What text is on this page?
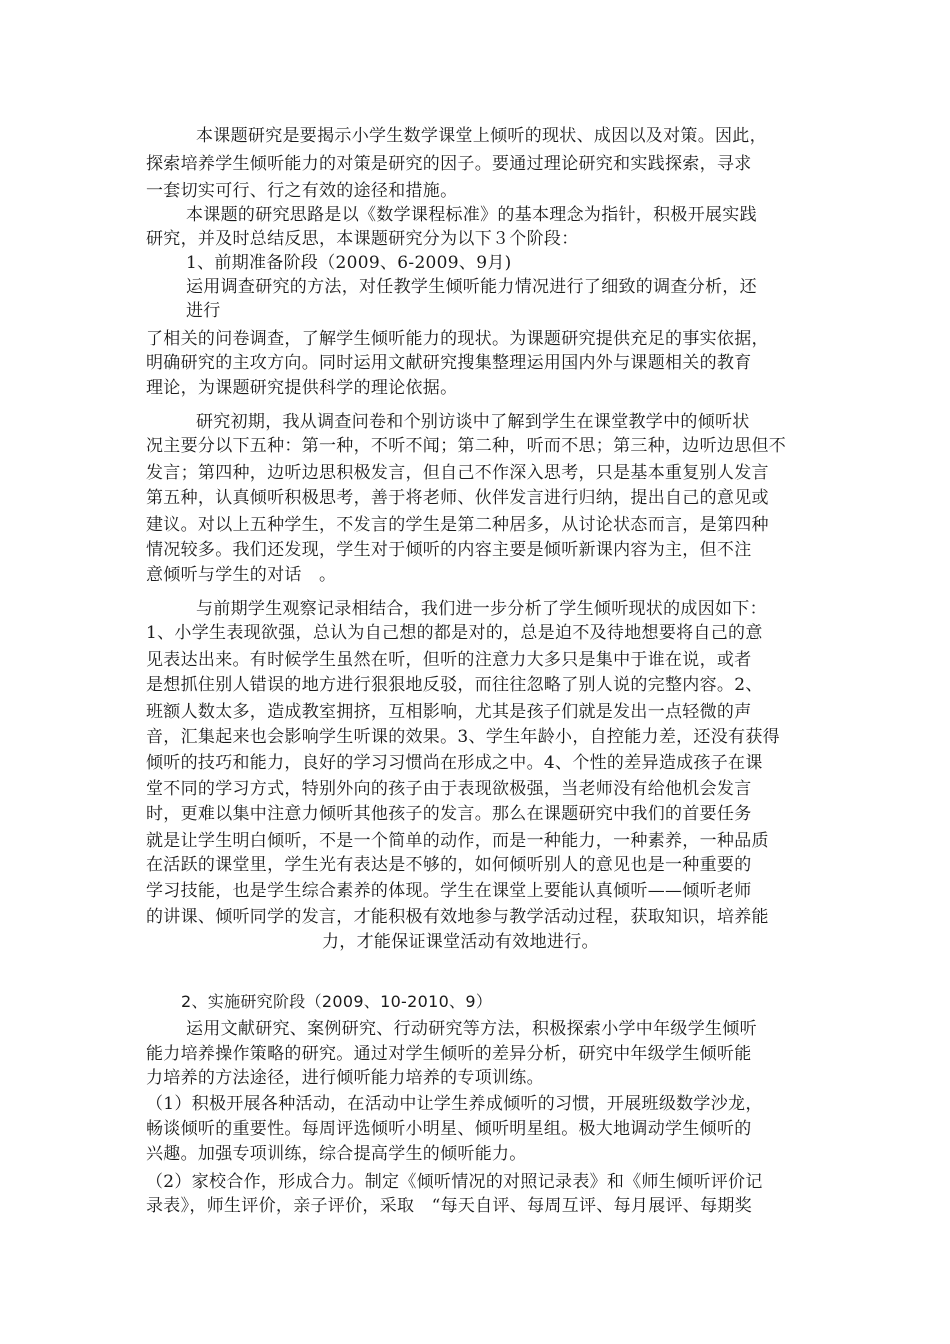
本课题研究是要揭示小学生数学课堂上倾听的现状、成因以及对策。因此，
探索培养学生倾听能力的对策是研究的因子。要通过理论研究和实践探索，寻求
一套切实可行、行之有效的途径和措施。
本课题的研究思路是以《数学课程标准》的基本理念为指针，积极开展实践
研究，并及时总结反思，本课题研究分为以下３个阶段：
1、前期准备阶段（2009、6-2009、9月)
运用调查研究的方法，对任教学生倾听能力情况进行了细致的调查分析，还
进行
了相关的问卷调查，了解学生倾听能力的现状。为课题研究提供充足的事实依据，
明确研究的主攻方向。同时运用文献研究搜集整理运用国内外与课题相关的教育
理论，为课题研究提供科学的理论依据。
研究初期，我从调查问卷和个别访谈中了解到学生在课堂教学中的倾听状
况主要分以下五种：第一种，不听不闻；第二种，听而不思；第三种，边听边思但不
发言；第四种，边听边思积极发言，但自己不作深入思考，只是基本重复别人发言
第五种，认真倾听积极思考，善于将老师、伙伴发言进行归纳，提出自己的意见或
建议。对以上五种学生，不发言的学生是第二种居多，从讨论状态而言，是第四种
情况较多。我们还发现，学生对于倾听的内容主要是倾听新课内容为主，但不注
意倾听与学生的对话　。
与前期学生观察记录相结合，我们进一步分析了学生倾听现状的成因如下：
1、小学生表现欲强，总认为自己想的都是对的，总是迫不及待地想要将自己的意
见表达出来。有时候学生虽然在听，但听的注意力大多只是集中于谁在说，或者
是想抓住别人错误的地方进行狠狠地反驳，而往往忽略了别人说的完整内容。2、
班额人数太多，造成教室拥挤，互相影响，尤其是孩子们就是发出一点轻微的声
音，汇集起来也会影响学生听课的效果。3、学生年龄小，自控能力差，还没有获得
倾听的技巧和能力，良好的学习习惯尚在形成之中。4、个性的差异造成孩子在课
堂不同的学习方式，特别外向的孩子由于表现欲极强，当老师没有给他机会发言
时，更难以集中注意力倾听其他孩子的发言。那么在课题研究中我们的首要任务
就是让学生明白倾听，不是一个简单的动作，而是一种能力，一种素养，一种品质
在活跃的课堂里，学生光有表达是不够的，如何倾听别人的意见也是一种重要的
学习技能，也是学生综合素养的体现。学生在课堂上要能认真倾听——倾听老师
的讲课、倾听同学的发言，才能积极有效地参与教学活动过程，获取知识，培养能
力，才能保证课堂活动有效地进行。
2、实施研究阶段（2009、10-2010、9）
运用文献研究、案例研究、行动研究等方法，积极探索小学中年级学生倾听
能力培养操作策略的研究。通过对学生倾听的差异分析，研究中年级学生倾听能
力培养的方法途径，进行倾听能力培养的专项训练。
（1）积极开展各种活动，在活动中让学生养成倾听的习惯，开展班级数学沙龙，
畅谈倾听的重要性。每周评选倾听小明星、倾听明星组。极大地调动学生倾听的
兴趣。加强专项训练，综合提高学生的倾听能力。
（2）家校合作，形成合力。制定《倾听情况的对照记录表》和《师生倾听评价记
录表》，师生评价，亲子评价，采取　“每天自评、每周互评、每月展评、每期奖
